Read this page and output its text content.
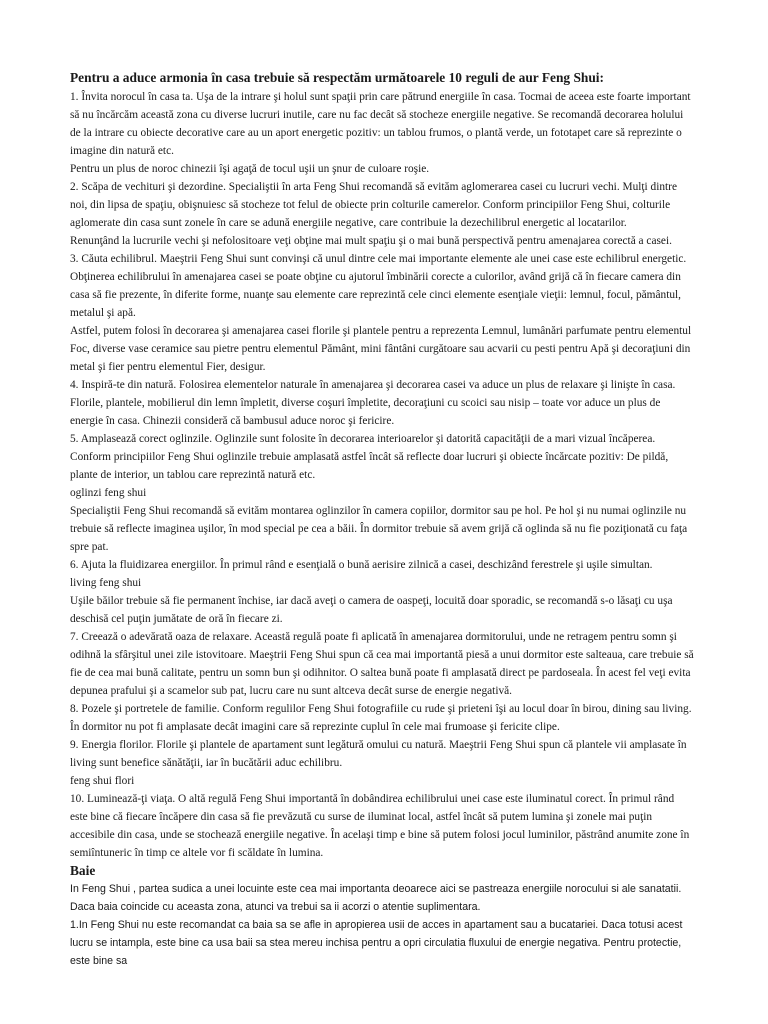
Pentru a aduce armonia în casa trebuie să respectăm următoarele 10 reguli de aur Feng Shui:

1. Învita norocul în casa ta. Uşa de la intrare şi holul sunt spaţii prin care pătrund energiile în casa. Tocmai de aceea este foarte important să nu încărcăm această zona cu diverse lucruri inutile, care nu fac decât să stocheze energiile negative. Se recomandă decorarea holului de la intrare cu obiecte decorative care au un aport energetic pozitiv: un tablou frumos, o plantă verde, un fototapet care să reprezinte o imagine din natură etc.

Pentru un plus de noroc chinezii îşi agaţă de tocul uşii un şnur de culoare roşie.

2. Scăpa de vechituri şi dezordine. Specialiştii în arta Feng Shui recomandă să evităm aglomerarea casei cu lucruri vechi. Mulţi dintre noi, din lipsa de spaţiu, obişnuiesc să stocheze tot felul de obiecte prin colturile camerelor. Conform principiilor Feng Shui, colturile aglomerate din casa sunt zonele în care se adună energiile negative, care contribuie la dezechilibrul energetic al locatarilor.

Renunţând la lucrurile vechi şi nefolositoare veţi obţine mai mult spaţiu şi o mai bună perspectivă pentru amenajarea corectă a casei.

3. Căuta echilibrul. Maeştrii Feng Shui sunt convinşi că unul dintre cele mai importante elemente ale unei case este echilibrul energetic. Obţinerea echilibrului în amenajarea casei se poate obţine cu ajutorul îmbinării corecte a culorilor, având grijă că în fiecare camera din casa să fie prezente, în diferite forme, nuanţe sau elemente care reprezintă cele cinci elemente esenţiale vieţii: lemnul, focul, pământul, metalul şi apă.

Astfel, putem folosi în decorarea şi amenajarea casei florile şi plantele pentru a reprezenta Lemnul, lumânări parfumate pentru elementul Foc, diverse vase ceramice sau pietre pentru elementul Pământ, mini fântâni curgătoare sau acvarii cu pesti pentru Apă şi decoraţiuni din metal şi fier pentru elementul Fier, desigur.

4. Inspiră-te din natură. Folosirea elementelor naturale în amenajarea şi decorarea casei va aduce un plus de relaxare şi linişte în casa. Florile, plantele, mobilierul din lemn împletit, diverse coşuri împletite, decoraţiuni cu scoici sau nisip – toate vor aduce un plus de energie în casa. Chinezii consideră că bambusul aduce noroc şi fericire.

5. Amplasează corect oglinzile. Oglinzile sunt folosite în decorarea interioarelor şi datorită capacităţii de a mari vizual încăperea. Conform principiilor Feng Shui oglinzile trebuie amplasată astfel încât să reflecte doar lucruri şi obiecte încărcate pozitiv: De pildă, plante de interior, un tablou care reprezintă natură etc.

oglinzi feng shui

Specialiştii Feng Shui recomandă să evităm montarea oglinzilor în camera copiilor, dormitor sau pe hol. Pe hol şi nu numai oglinzile nu trebuie să reflecte imaginea uşilor, în mod special pe cea a băii. În dormitor trebuie să avem grijă că oglinda să nu fie poziţionată cu faţa spre pat.

6. Ajuta la fluidizarea energiilor. În primul rând e esenţială o bună aerisire zilnică a casei, deschizând ferestrele şi uşile simultan.

living feng shui

Uşile băilor trebuie să fie permanent închise, iar dacă aveţi o camera de oaspeţi, locuită doar sporadic, se recomandă s-o lăsaţi cu uşa deschisă cel puţin jumătate de oră în fiecare zi.

7. Creează o adevărată oaza de relaxare. Această regulă poate fi aplicată în amenajarea dormitorului, unde ne retragem pentru somn şi odihnă la sfârşitul unei zile istovitoare. Maeştrii Feng Shui spun că cea mai importantă piesă a unui dormitor este salteaua, care trebuie să fie de cea mai bună calitate, pentru un somn bun şi odihnitor. O saltea bună poate fi amplasată direct pe pardoseala. În acest fel veţi evita depunea prafului şi a scamelor sub pat, lucru care nu sunt altceva decât surse de energie negativă.

8. Pozele şi portretele de familie. Conform regulilor Feng Shui fotografiile cu rude şi prieteni îşi au locul doar în birou, dining sau living. În dormitor nu pot fi amplasate decât imagini care să reprezinte cuplul în cele mai frumoase şi fericite clipe.

9. Energia florilor. Florile şi plantele de apartament sunt legătură omului cu natură. Maeştrii Feng Shui spun că plantele vii amplasate în living sunt benefice sănătăţii, iar în bucătării aduc echilibru.

feng shui flori

10. Luminează-ţi viaţa. O altă regulă Feng Shui importantă în dobândirea echilibrului unei case este iluminatul corect. În primul rând este bine că fiecare încăpere din casa să fie prevăzută cu surse de iluminat local, astfel încât să putem lumina şi zonele mai puţin accesibile din casa, unde se stochează energiile negative. În acelaşi timp e bine să putem folosi jocul luminilor, păstrând anumite zone în semiîntuneric în timp ce altele vor fi scăldate în lumina.

Baie

In Feng Shui , partea sudica a unei locuinte este cea mai importanta deoarece aici se pastreaza energiile norocului si ale sanatatii. Daca baia coincide cu aceasta zona, atunci va trebui sa ii acorzi o atentie suplimentara.

1.In Feng Shui nu este recomandat ca baia sa se afle in apropierea usii de acces in apartament sau a bucatariei. Daca totusi acest lucru se intampla, este bine ca usa baii sa stea mereu inchisa pentru a opri circulatia fluxului de energie negativa. Pentru protectie, este bine sa
